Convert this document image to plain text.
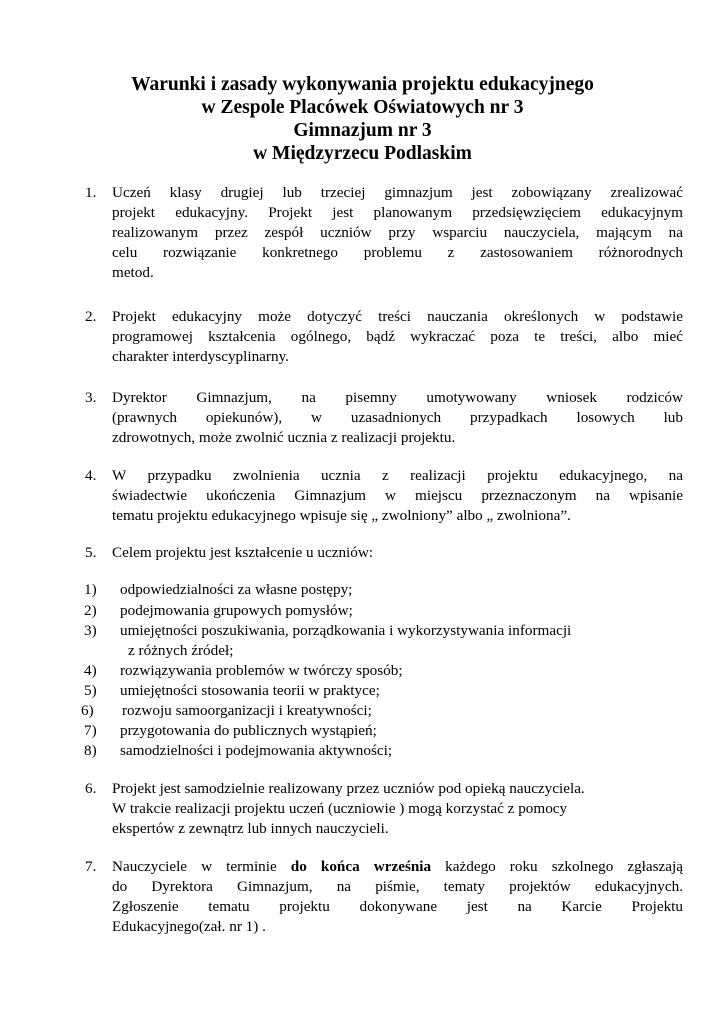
Warunki i zasady wykonywania projektu edukacyjnego
w Zespole Placówek Oświatowych nr 3
Gimnazjum nr 3
w Międzyrzecu Podlaskim
1. Uczeń klasy drugiej lub trzeciej gimnazjum jest zobowiązany zrealizować
projekt edukacyjny. Projekt jest planowanym przedsięwzięciem edukacyjnym
realizowanym przez zespół uczniów przy wsparciu nauczyciela, mającym na
celu rozwiązanie konkretnego problemu z zastosowaniem różnorodnych
metod.
2. Projekt edukacyjny może dotyczyć treści nauczania określonych w podstawie
programowej kształcenia ogólnego, bądź wykraczać poza te treści, albo mieć
charakter interdyscyplinarny.
3. Dyrektor Gimnazjum, na pisemny umotywowany wniosek rodziców
(prawnych opiekunów), w uzasadnionych przypadkach losowych lub
zdrowotnych, może zwolnić ucznia z realizacji projektu.
4. W przypadku zwolnienia ucznia z realizacji projektu edukacyjnego, na
świadectwie ukończenia Gimnazjum w miejscu przeznaczonym na wpisanie
tematu projektu edukacyjnego wpisuje się „ zwolniony” albo „ zwolniona”.
5. Celem projektu jest kształcenie u uczniów:
1) odpowiedzialności za własne postępy;
2) podejmowania grupowych pomysłów;
3) umiejętności poszukiwania, porządkowania i wykorzystywania informacji
z różnych źródeł;
4) rozwiązywania problemów w twórczy sposób;
5) umiejętności stosowania teorii w praktyce;
6) rozwoju samoorganizacji i kreatywności;
7) przygotowania do publicznych wystąpień;
8) samodzielności i podejmowania aktywności;
6. Projekt jest samodzielnie realizowany przez uczniów pod opieką nauczyciela.
W trakcie realizacji projektu uczeń (uczniowie ) mogą korzystać z pomocy
ekspertów z zewnątrz lub innych nauczycieli.
7. Nauczyciele w terminie do końca września każdego roku szkolnego zgłaszają
do Dyrektora Gimnazjum, na piśmie, tematy projektów edukacyjnych.
Zgłoszenie tematu projektu dokonywane jest na Karcie Projektu
Edukacyjnego(zał. nr 1) .
